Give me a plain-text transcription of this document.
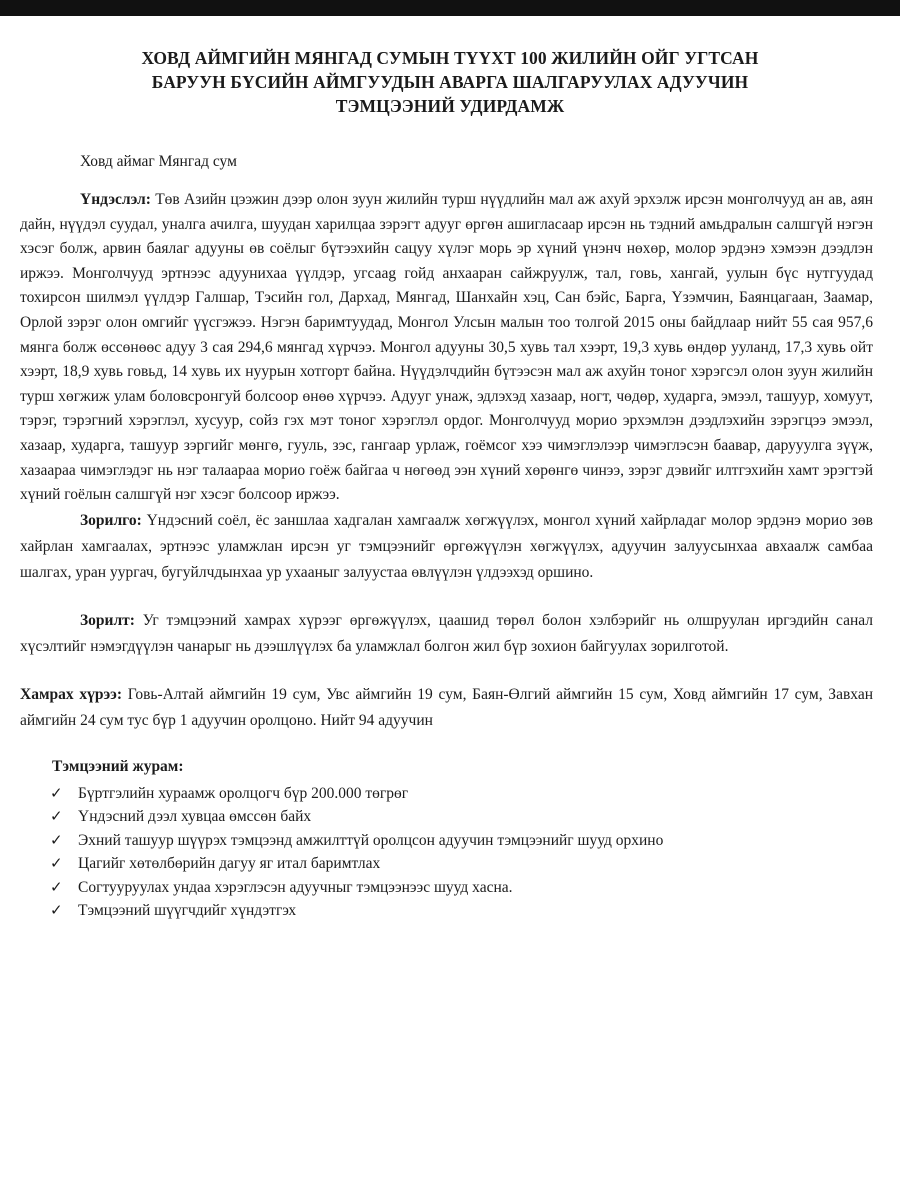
ХОВД АЙМГИЙН МЯНГАД СУМЫН ТҮҮХТ 100 ЖИЛИЙН ОЙГ УГТСАН
БАРУУН БҮСИЙН АЙМГУУДЫН АВАРГА ШАЛГАРУУЛАХ АДУУЧИН
ТЭМЦЭЭНИЙ УДИРДАМЖ
Ховд аймаг Мянгад сум

Үндэслэл: Төв Азийн цээжин дээр олон зуун жилийн турш нүүдлийн мал аж ахуй эрхэлж ирсэн монголчууд ан ав, аян дайн, нүүдэл суудал, уналга ачилга, шуудан харилцаа зэрэгт адууг өргөн ашигласаар ирсэн нь тэдний амьдралын салшгүй нэгэн хэсэг болж, арвин баялаг адууны өв соёлыг бүтээхийн сацуу хүлэг морь эр хүний үнэнч нөхөр, молор эрдэнэ хэмээн дээдлэн иржээ. Монголчууд эртнээс адуунихаа үүлдэр, угсаag гойд анхааран сайжруулж, тал, говь, хангай, уулын бүс нутгуудад тохирсон шилмэл үүлдэр Галшар, Тэсийн гол, Дархад, Мянгад, Шанхайн хэц, Сан бэйс, Барга, Үзэмчин, Баянцагаан, Заамар, Орлой зэрэг олон омгийг үүсгэжээ. Нэгэн баримтуудад, Монгол Улсын малын тоо толгой 2015 оны байдлаар нийт 55 сая 957,6 мянга болж өссөнөөс адуу 3 сая 294,6 мянгад хүрчээ. Монгол адууны 30,5 хувь тал хээрт, 19,3 хувь өндөр ууланд, 17,3 хувь ойт хээрт, 18,9 хувь говьд, 14 хувь их нуурын хотгорт байна. Нүүдэлчдийн бүтээсэн мал аж ахуйн тоног хэрэгсэл олон зуун жилийн турш хөгжиж улам боловсронгуй болсоор өнөө хүрчээ. Адууг унаж, эдлэхэд хазаар, ногт, чөдөр, хударга, эмээл, ташуур, хомуут, тэрэг, тэрэгний хэрэглэл, хусуур, сойз гэх мэт тоног хэрэглэл ордог. Монголчууд морио эрхэмлэн дээдлэхийн зэрэгцээ эмээл, хазаар, хударга, ташуур зэргийг мөнгө, гууль, зэс, гангаар урлаж, гоёмсог хээ чимэглэлээр чимэглэсэн баавар, дарууулга зүүж, хазаараа чимэглэдэг нь нэг талаараа морио гоёж байгаа ч нөгөөд ээн хүний хөрөнгө чинээ, зэрэг дэвийг илтгэхийн хамт эрэгтэй хүний гоёлын салшгүй нэг хэсэг болсоор иржээ.

Зорилго: Үндэсний соёл, ёс заншлаа хадгалан хамгаалж хөгжүүлэх, монгол хүний хайрладаг молор эрдэнэ морио зөв хайрлан хамгаалах, эртнээс уламжлан ирсэн уг тэмцээнийг өргөжүүлэн хөгжүүлэх, адуучин залуусынхаа авхаалж самбаа шалгах, уран уургач, бугуйлчдынхаа ур ухааныг залуустаа өвлүүлэн үлдээхэд оршино.

Зорилт: Уг тэмцээний хамрах хүрээг өргөжүүлэх, цаашид төрөл болон хэлбэрийг нь олшруулан иргэдийн санал хүсэлтийг нэмэгдүүлэн чанарыг нь дээшлүүлэх ба уламжлал болгон жил бүр зохион байгуулах зорилготой.

Хамрах хүрээ: Говь-Алтай аймгийн 19 сум, Увс аймгийн 19 сум, Баян-Өлгий аймгийн 15 сум, Ховд аймгийн 17 сум, Завхан аймгийн 24 сум тус бүр 1 адуучин оролцоно. Нийт 94 адуучин

Тэмцээний журам:
✓ Бүртгэлийн хураамж оролцогч бүр 200.000 төгрөг
✓ Үндэсний дээл хувцаа өмссөн байх
✓ Эхний ташуур шүүрэх тэмцээнд амжилттүй оролцсон адуучин тэмцээнийг шууд орхино
✓ Цагийг хөтөлбөрийн дагуу яг итал баримтлах
✓ Согтууруулах ундаа хэрэглэсэн адуучныг тэмцээнээс шууд хасна.
✓ Тэмцээний шүүгчдийг хүндэтгэх
